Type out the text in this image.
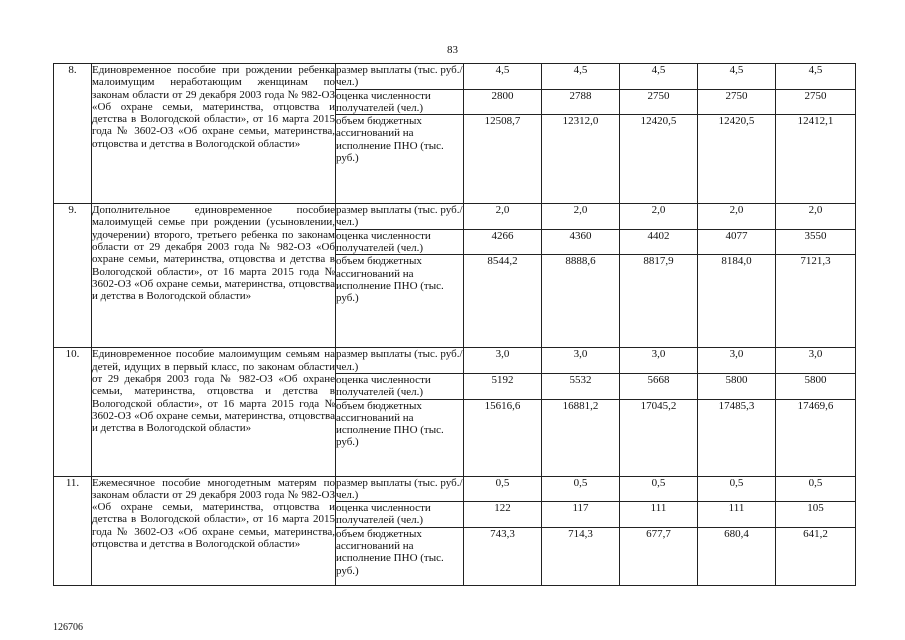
83
8.	Единовременное пособие при рождении ребенка малоимущим неработающим женщинам по законам области от 29 декабря 2003 года № 982-ОЗ «Об охране семьи, материнства, отцовства и детства в Вологодской области», от 16 марта 2015 года № 3602-ОЗ «Об охране семьи, материнства, отцовства и детства в Вологодской области»	размер выплаты (тыс. руб./чел.)	4,5	4,5	4,5	4,5	4,5
		оценка численности получателей (чел.)	2800	2788	2750	2750	2750
		объем бюджетных ассигнований на исполнение ПНО (тыс. руб.)	12508,7	12312,0	12420,5	12420,5	12412,1
9.	Дополнительное единовременное пособие малоимущей семье при рождении (усыновлении, удочерении) второго, третьего ребенка по законам области от 29 декабря 2003 года № 982-ОЗ «Об охране семьи, материнства, отцовства и детства в Вологодской области», от 16 марта 2015 года № 3602-ОЗ «Об охране семьи, материнства, отцовства и детства в Вологодской области»	размер выплаты (тыс. руб./чел.)	2,0	2,0	2,0	2,0	2,0
		оценка численности получателей (чел.)	4266	4360	4402	4077	3550
		объем бюджетных ассигнований на исполнение ПНО (тыс. руб.)	8544,2	8888,6	8817,9	8184,0	7121,3
10.	Единовременное пособие малоимущим семьям на детей, идущих в первый класс, по законам области от 29 декабря 2003 года № 982-ОЗ «Об охране семьи, материнства, отцовства и детства в Вологодской области», от 16 марта 2015 года № 3602-ОЗ «Об охране семьи, материнства, отцовства и детства в Вологодской области»	размер выплаты (тыс. руб./чел.)	3,0	3,0	3,0	3,0	3,0
		оценка численности получателей (чел.)	5192	5532	5668	5800	5800
		объем бюджетных ассигнований на исполнение ПНО (тыс. руб.)	15616,6	16881,2	17045,2	17485,3	17469,6
11.	Ежемесячное пособие многодетным матерям по законам области от 29 декабря 2003 года № 982-ОЗ «Об охране семьи, материнства, отцовства и детства в Вологодской области», от 16 марта 2015 года № 3602-ОЗ «Об охране семьи, материнства, отцовства и детства в Вологодской области»	размер выплаты (тыс. руб./чел.)	0,5	0,5	0,5	0,5	0,5
		оценка численности получателей (чел.)	122	117	111	111	105
		объем бюджетных ассигнований на исполнение ПНО (тыс. руб.)	743,3	714,3	677,7	680,4	641,2
126706
